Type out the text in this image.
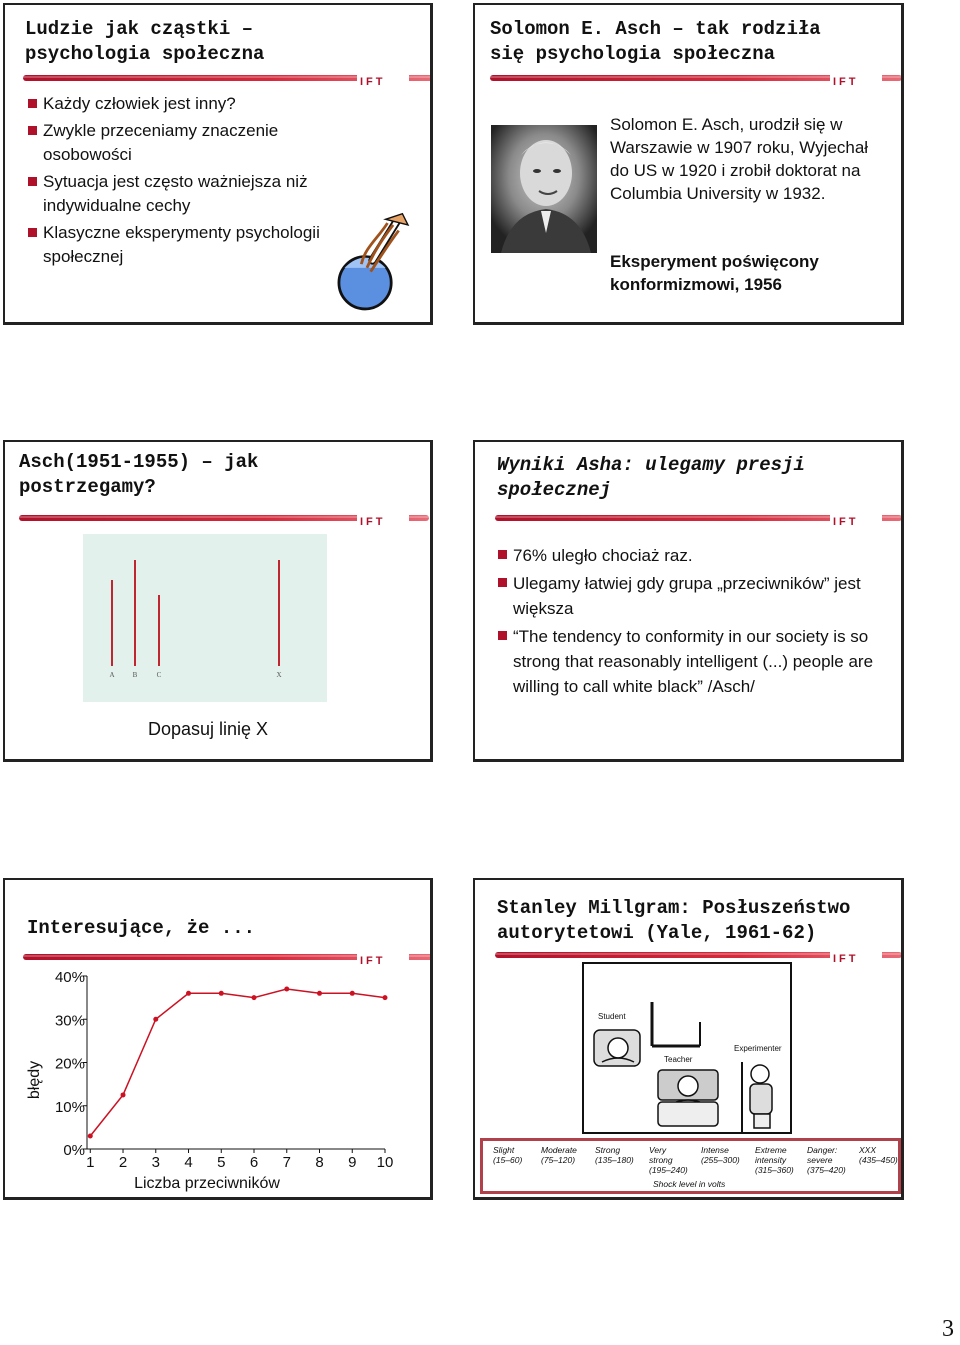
Ludzie jak cząstki –
psychologia społeczna
IFT
Każdy człowiek jest inny?
Zwykle przeceniamy znaczenie osobowości
Sytuacja jest często ważniejsza niż indywidualne cechy
Klasyczne eksperymenty psychologii społecznej
Solomon E. Asch – tak rodziła
się psychologia społeczna
IFT
Solomon E. Asch, urodził się w Warszawie w 1907 roku, Wyjechał do US w 1920 i zrobił doktorat na Columbia University w 1932.
Eksperyment poświęcony konformizmowi, 1956
Asch(1951-1955) – jak
postrzegamy?
IFT
A	B	C	X
Dopasuj linię X
Wyniki Asha: ulegamy presji
społecznej
IFT
76% uległo chociaż raz.
Ulegamy łatwiej gdy grupa „przeciwników” jest większa
“The tendency to conformity in our society is so strong that reasonably intelligent (...) people are willing to call white black” /Asch/
Interesujące, że ...
IFT
0%
10%
20%
30%
40%
1 2 3 4 5 6 7 8 9 10
błędy
Liczba przeciwników
Stanley Millgram: Posłuszeństwo
autorytetowi (Yale, 1961-62)
IFT
Student
Teacher
Experimenter
Slight
(15–60)
Moderate
(75–120)
Strong
(135–180)
Very
strong
(195–240)
Intense
(255–300)
Extreme
intensity
(315–360)
Danger:
severe
(375–420)
XXX
(435–450)
Shock level in volts
3
